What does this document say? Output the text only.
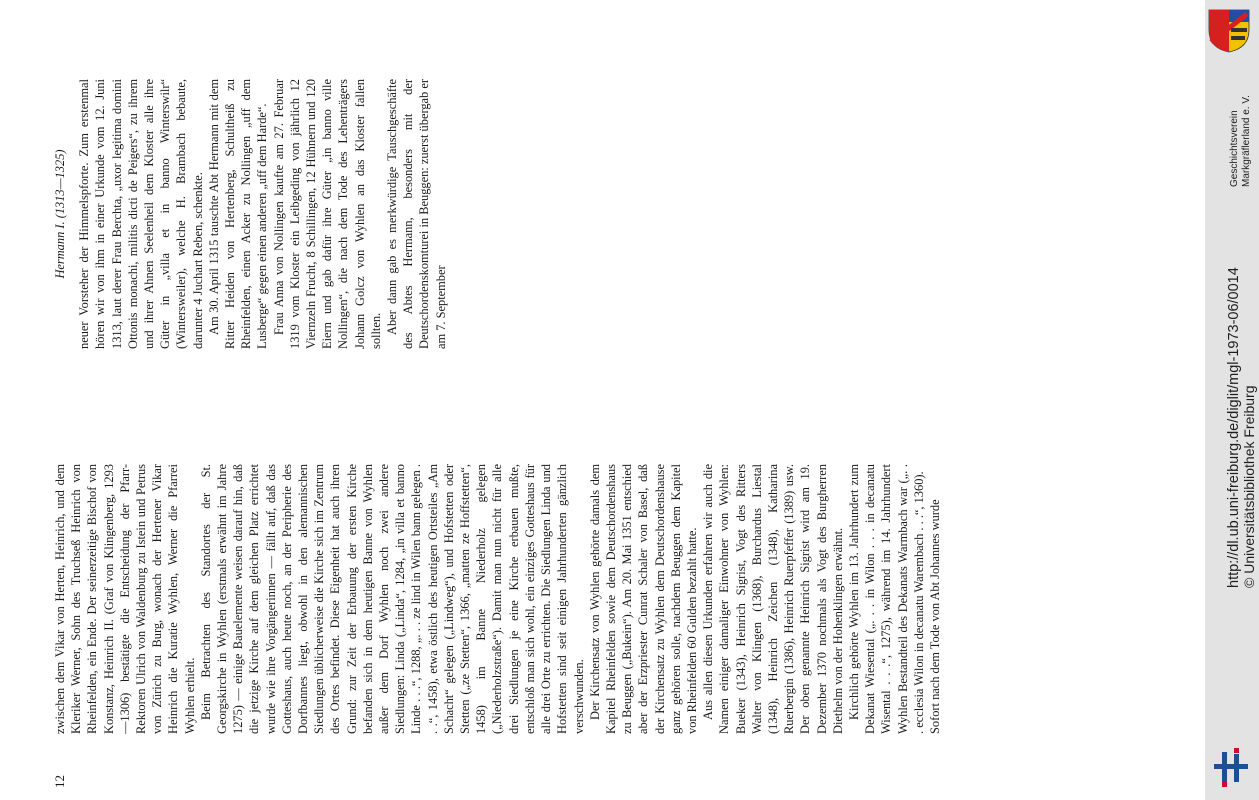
12

zwischen dem Vikar von Herten, Heinrich, und dem Kleriker Werner, Sohn des Truchseß Heinrich von Rheinfelden, ein Ende. Der seinerzeitige Bischof von Konstanz, Heinrich II. (Graf von Klingenberg, 1293—1306) bestätigte die Entscheidung der Pfarr-Rektoren Ulrich von Waldenburg zu Istein und Petrus von Zürich zu Burg, wonach der Hertener Vikar Heinrich die Kuratie Wyhlen, Werner die Pfarrei Wyhlen erhielt. Beim Betrachten des Standortes der St. Georgskirche in Wyhlen (erstmals erwähnt im Jahre 1275) — einige Bauelemente weisen darauf hin, daß die jetzige Kirche auf dem gleichen Platz errichtet wurde wie ihre Vorgängerinnen — fällt auf, daß das Gotteshaus, auch heute noch, an der Peripherie des Dorfbannes liegt, obwohl in den alemannischen Siedlungen üblicherweise die Kirche sich im Zentrum des Ortes befindet. Diese Eigenheit hat auch ihren Grund: zur Zeit der Erbauung der ersten Kirche befanden sich in dem heutigen Banne von Wyhlen außer dem Dorf Wyhlen noch zwei andere Siedlungen: Linda („Linda“, 1284, „in villa et banno Linde . . .“, 1288, „. . . ze lind in Wilen bann gelegen . . .“, 1458), etwa östlich des heutigen Ortsteiles „Am Schacht“ gelegen („Lindweg“), und Hofstetten oder Stetten („ze Stetten“, 1366, „matten ze Hoffstetten“, 1458) im Banne Niederholz gelegen („Niederholzstraße“). Damit man nun nicht für alle drei Siedlungen je eine Kirche erbauen mußte, entschloß man sich wohl, ein einziges Gotteshaus für alle drei Orte zu errichten. Die Siedlungen Linda und Hofstetten sind seit einigen Jahrhunderten gänzlich verschwunden. Der Kirchensatz von Wyhlen gehörte damals dem Kapitel Rheinfelden sowie dem Deutschordenshaus zu Beuggen („Bukein“). Am 20. Mai 1351 entschied aber der Erzpriester Cunrat Schaler von Basel, daß der Kirchensatz zu Wyhlen dem Deutschordenshause ganz gehören solle, nachdem Beuggen dem Kapitel von Rheinfelden 60 Gulden bezahlt hatte. Aus allen diesen Urkunden erfahren wir auch die Namen einiger damaliger Einwohner von Wyhlen: Bueker (1343), Heinrich Sigrist, Vogt des Ritters Walter von Klingen (1368), Burchardus Liestal (1348), Heinrich Zeichen (1348), Katharina Ruerbergin (1386), Heinrich Ruerpfeffer (1389) usw. Der oben genannte Heinrich Sigrist wird am 19. Dezember 1370 nochmals als Vogt des Burgherren Diethelm von der Hohenklingen erwähnt. Kirchlich gehörte Wyhlen im 13. Jahrhundert zum Dekanat Wiesental („. . . in Wilon . . . in decanatu Wisental . . .“, 1275), während im 14. Jahrhundert Wyhlen Bestandteil des Dekanats Warmbach war („. . . ecclesia Wilon in decanatu Warembach . . .“, 1360). Sofort nach dem Tode von Abt Johannes wurde

Hermann I. (1313—1325) neuer Vorsteher der Himmelspforte. Zum erstenmal hören wir von ihm in einer Urkunde vom 12. Juni 1313, laut derer Frau Berchta, „uxor legitima domini Ottonis monachi, militis dicti de Peigers“, zu ihrem und ihrer Ahnen Seelenheil dem Kloster alle ihre Güter in „villa et in banno Winterswilr“ (Wintersweiler), welche H. Brambach bebaute, darunter 4 Juchart Reben, schenkte. Am 30. April 1315 tauschte Abt Hermann mit dem Ritter Heiden von Hertenberg, Schultheiß zu Rheinfelden, einen Acker zu Nollingen „uff dem Lusberge“ gegen einen anderen „uff dem Harde“. Frau Anna von Nollingen kaufte am 27. Februar 1319 vom Kloster ein Leibgeding von jährlich 12 Viernzeln Frucht, 8 Schillingen, 12 Hühnern und 120 Eiern und gab dafür ihre Güter „in banno ville Nollingen“, die nach dem Tode des Lehenträgers Johann Golcz von Wyhlen an das Kloster fallen sollten. Aber dann gab es merkwürdige Tauschgeschäfte des Abtes Hermann, besonders mit der Deutschordenskomturei in Beuggen: zuerst übergab er am 7. September	http://dl.ub.uni-freiburg.de/diglit/mgl-1973-06/0014 © Universitätsbibliothek Freiburg
Geschichtsverein Markgräflerland e. V.
